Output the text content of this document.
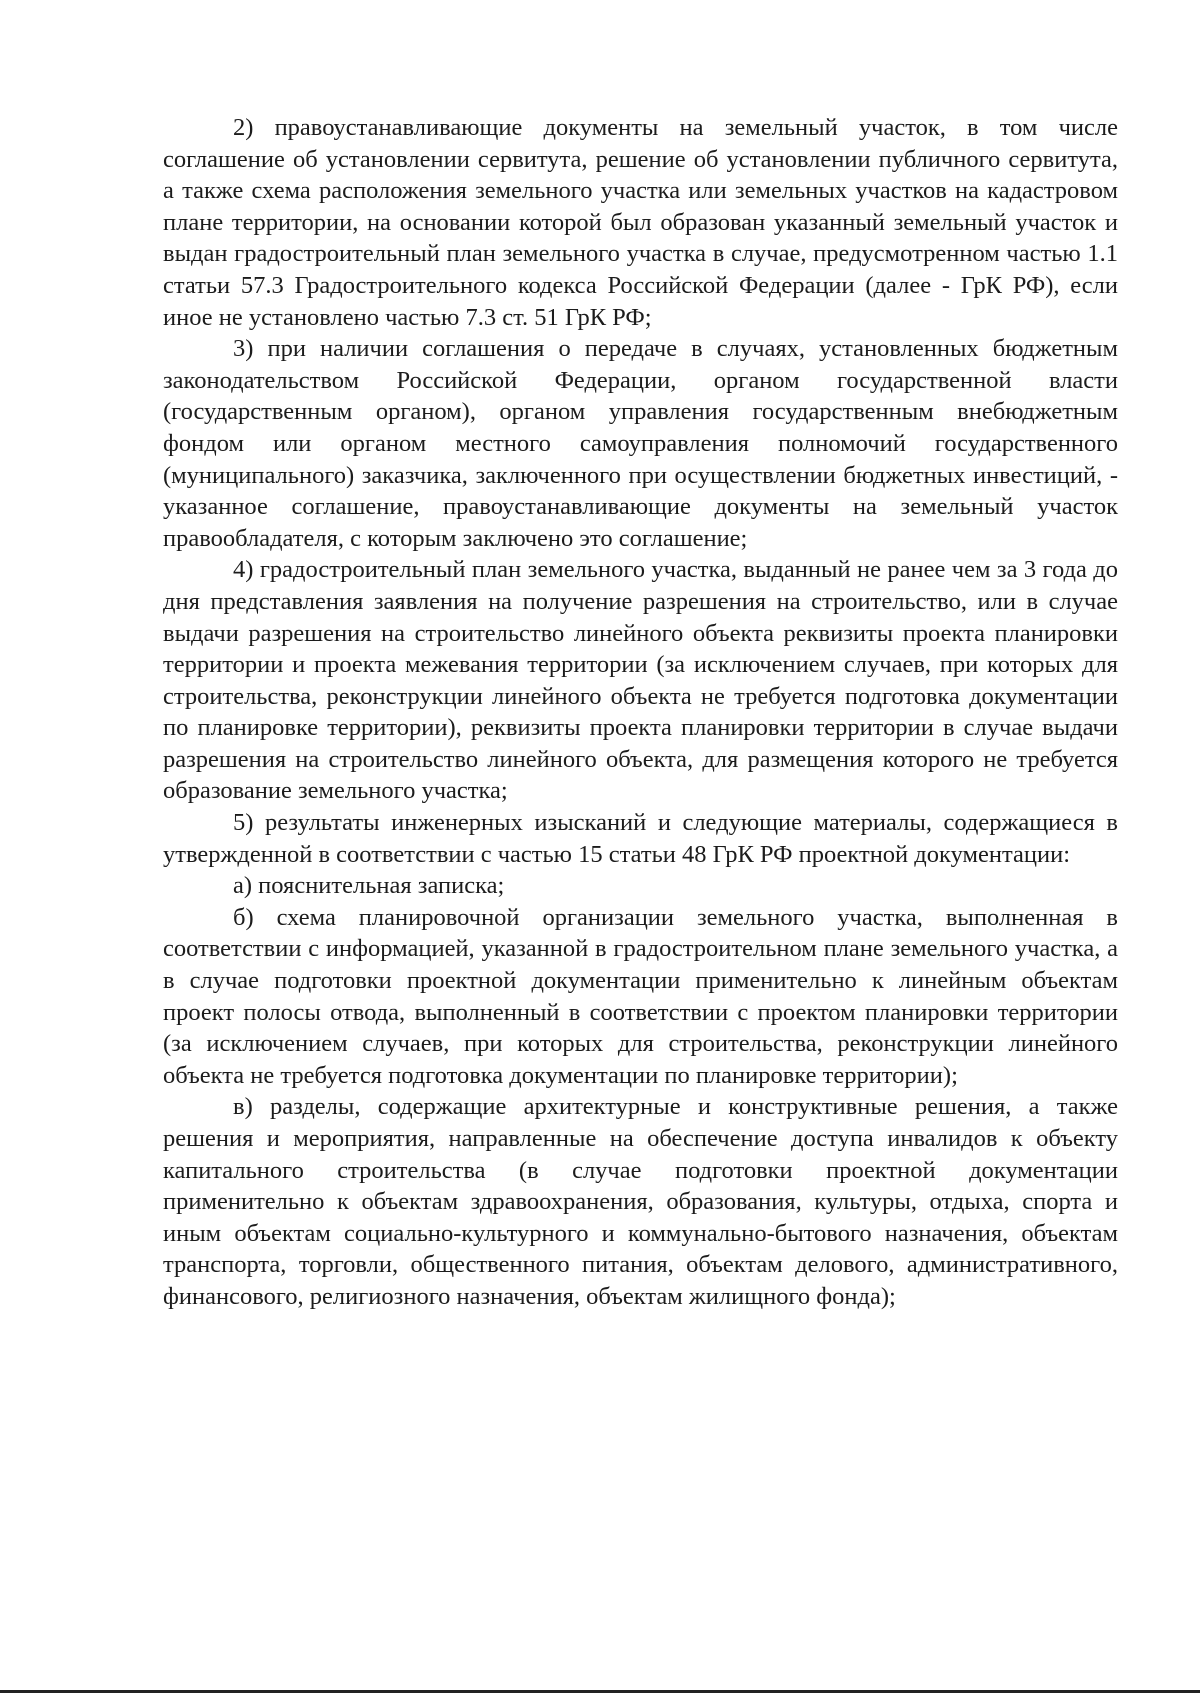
2) правоустанавливающие документы на земельный участок, в том числе соглашение об установлении сервитута, решение об установлении публичного сервитута, а также схема расположения земельного участка или земельных участков на кадастровом плане территории, на основании которой был образован указанный земельный участок и выдан градостроительный план земельного участка в случае, предусмотренном частью 1.1 статьи 57.3 Градостроительного кодекса Российской Федерации (далее - ГрК РФ), если иное не установлено частью 7.3 ст. 51 ГрК РФ;

3) при наличии соглашения о передаче в случаях, установленных бюджетным законодательством Российской Федерации, органом государственной власти (государственным органом), органом управления государственным внебюджетным фондом или органом местного самоуправления полномочий государственного (муниципального) заказчика, заключенного при осуществлении бюджетных инвестиций, - указанное соглашение, правоустанавливающие документы на земельный участок правообладателя, с которым заключено это соглашение;

4) градостроительный план земельного участка, выданный не ранее чем за 3 года до дня представления заявления на получение разрешения на строительство, или в случае выдачи разрешения на строительство линейного объекта реквизиты проекта планировки территории и проекта межевания территории (за исключением случаев, при которых для строительства, реконструкции линейного объекта не требуется подготовка документации по планировке территории), реквизиты проекта планировки территории в случае выдачи разрешения на строительство линейного объекта, для размещения которого не требуется образование земельного участка;

5) результаты инженерных изысканий и следующие материалы, содержащиеся в утвержденной в соответствии с частью 15 статьи 48 ГрК РФ проектной документации:

а) пояснительная записка;

б) схема планировочной организации земельного участка, выполненная в соответствии с информацией, указанной в градостроительном плане земельного участка, а в случае подготовки проектной документации применительно к линейным объектам проект полосы отвода, выполненный в соответствии с проектом планировки территории (за исключением случаев, при которых для строительства, реконструкции линейного объекта не требуется подготовка документации по планировке территории);

в) разделы, содержащие архитектурные и конструктивные решения, а также решения и мероприятия, направленные на обеспечение доступа инвалидов к объекту капитального строительства (в случае подготовки проектной документации применительно к объектам здравоохранения, образования, культуры, отдыха, спорта и иным объектам социально-культурного и коммунально-бытового назначения, объектам транспорта, торговли, общественного питания, объектам делового, административного, финансового, религиозного назначения, объектам жилищного фонда);
